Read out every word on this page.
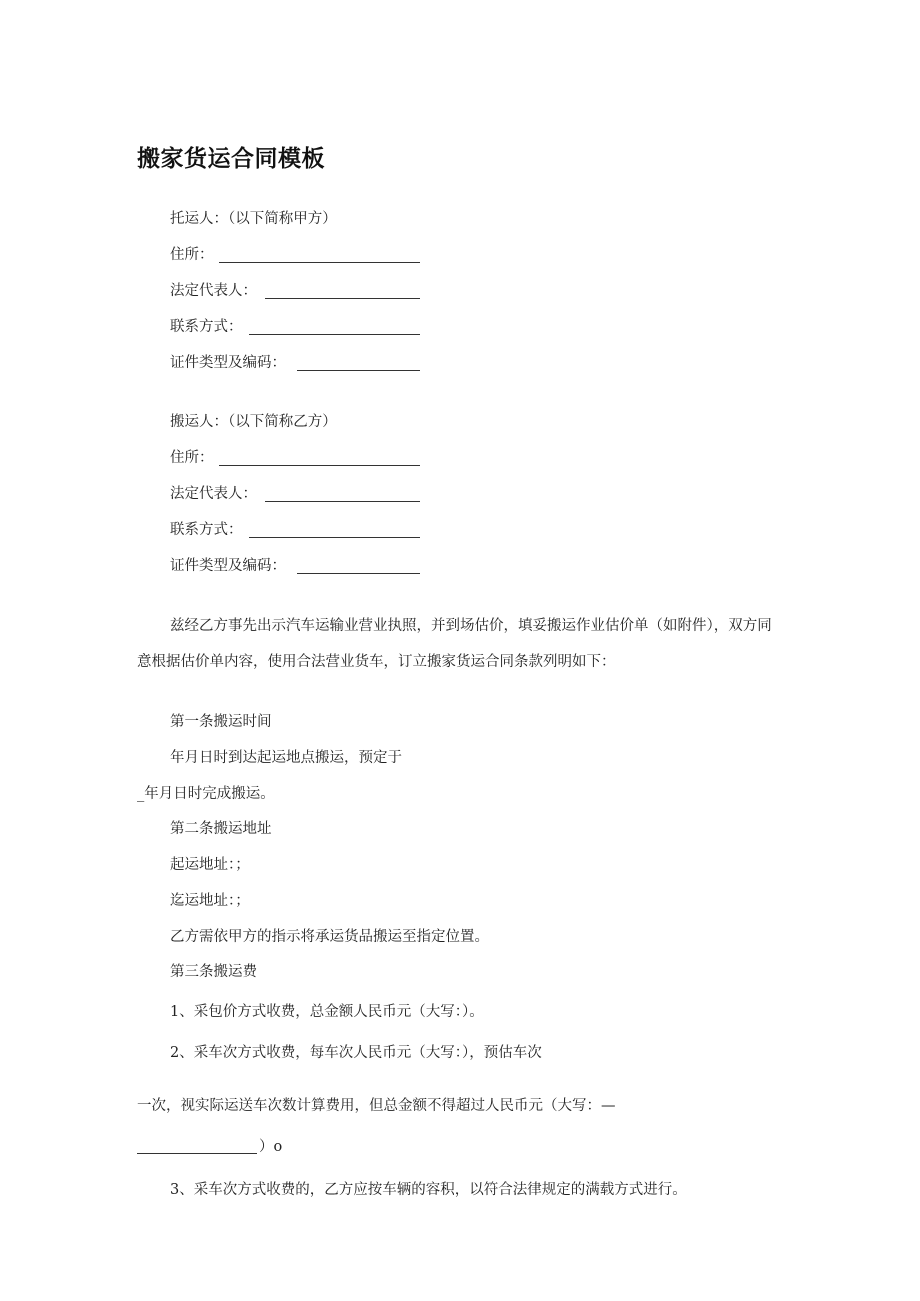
搬家货运合同模板
托运人：（以下简称甲方）
住所：
法定代表人：
联系方式：
证件类型及编码：
搬运人：（以下简称乙方）
住所：
法定代表人：
联系方式：
证件类型及编码：
兹经乙方事先出示汽车运输业营业执照，并到场估价，填妥搬运作业估价单（如附件），双方同意根据估价单内容，使用合法营业货车，订立搬家货运合同条款列明如下：
第一条搬运时间
年月日时到达起运地点搬运，预定于
_年月日时完成搬运。
第二条搬运地址
起运地址：；
迄运地址：；
乙方需依甲方的指示将承运货品搬运至指定位置。
第三条搬运费
1、采包价方式收费，总金额人民币元（大写：）。
2、采车次方式收费，每车次人民币元（大写：），预估车次
一次，视实际运送车次数计算费用，但总金额不得超过人民币元（大写：—
）o
3、采车次方式收费的，乙方应按车辆的容积，以符合法律规定的满载方式进行。
